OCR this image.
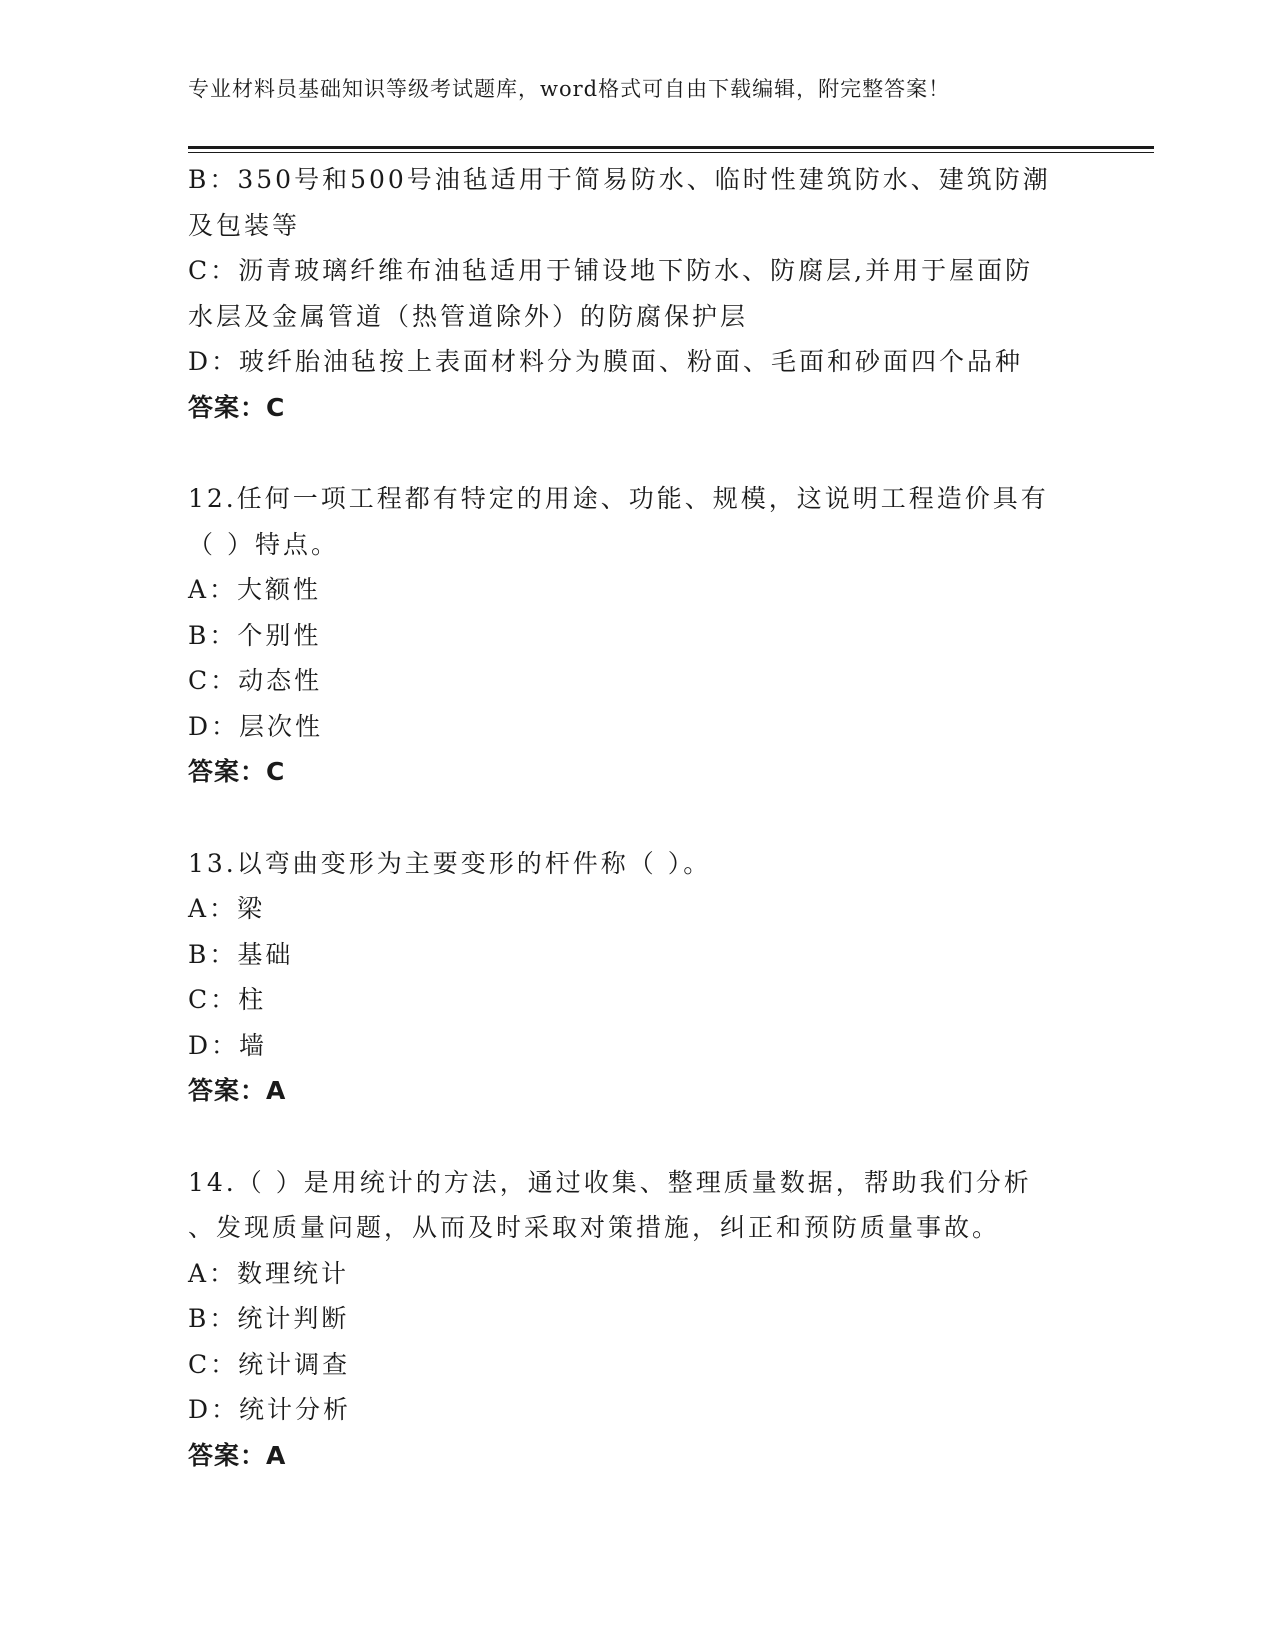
专业材料员基础知识等级考试题库，word格式可自由下载编辑，附完整答案！

B：350号和500号油毡适用于简易防水、临时性建筑防水、建筑防潮

及包装等

C：沥青玻璃纤维布油毡适用于铺设地下防水、防腐层,并用于屋面防

水层及金属管道（热管道除外）的防腐保护层

D：玻纤胎油毡按上表面材料分为膜面、粉面、毛面和砂面四个品种

答案：C

12.任何一项工程都有特定的用途、功能、规模，这说明工程造价具有

（ ）特点。

A：大额性

B：个别性

C：动态性

D：层次性

答案：C

13.以弯曲变形为主要变形的杆件称（ ）。

A：梁

B：基础

C：柱

D：墙

答案：A

14.（ ）是用统计的方法，通过收集、整理质量数据，帮助我们分析

、发现质量问题，从而及时采取对策措施，纠正和预防质量事故。

A：数理统计

B：统计判断

C：统计调查

D：统计分析

答案：A
